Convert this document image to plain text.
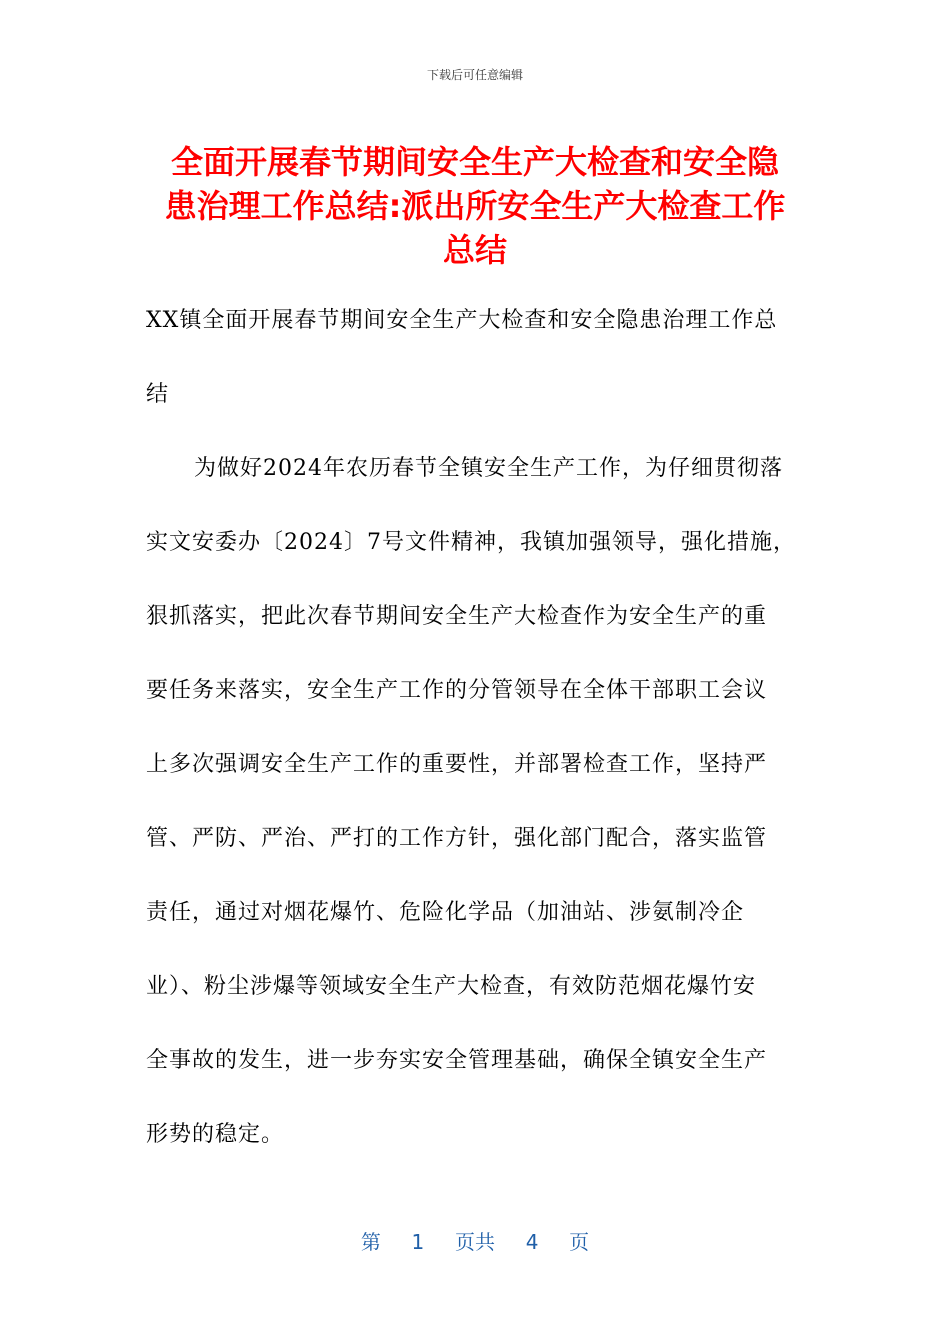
下载后可任意编辑
全面开展春节期间安全生产大检查和安全隐
患治理工作总结:派出所安全生产大检查工作
总结
XX镇全面开展春节期间安全生产大检查和安全隐患治理工作总
结
为做好2024年农历春节全镇安全生产工作，为仔细贯彻落
实文安委办〔2024〕7号文件精神，我镇加强领导，强化措施，
狠抓落实，把此次春节期间安全生产大检查作为安全生产的重
要任务来落实，安全生产工作的分管领导在全体干部职工会议
上多次强调安全生产工作的重要性，并部署检查工作，坚持严
管、严防、严治、严打的工作方针，强化部门配合，落实监管
责任，通过对烟花爆竹、危险化学品（加油站、涉氨制冷企
业）、粉尘涉爆等领域安全生产大检查，有效防范烟花爆竹安
全事故的发生，进一步夯实安全管理基础，确保全镇安全生产
形势的稳定。
第 1 页共 4 页
